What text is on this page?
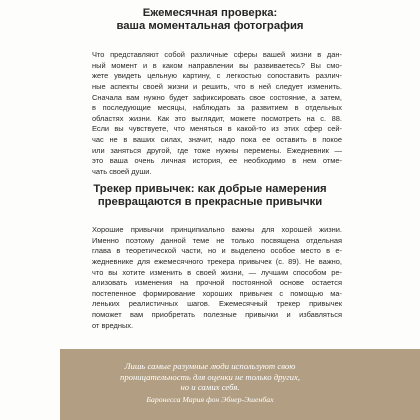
Ежемесячная проверка:
ваша моментальная фотография
Что представляют собой различные сферы вашей жизни в дан-
ный момент и в каком направлении вы развиваетесь? Вы смо-
жете увидеть цельную картину, с легкостью сопоставить различ-
ные аспекты своей жизни и решить, что в ней следует изменить.
Сначала вам нужно будет зафиксировать свое состояние, а затем,
в последующие месяцы, наблюдать за развитием в отдельных
областях жизни. Как это выглядит, можете посмотреть на с. 88.
Если вы чувствуете, что меняться в какой-то из этих сфер сей-
час не в ваших силах, значит, надо пока ее оставить в покое
или заняться другой, где тоже нужны перемены. Ежедневник —
это ваша очень личная история, ее необходимо в нем отме-
чать своей души.
Трекер привычек: как добрые намерения
превращаются в прекрасные привычки
Хорошие привычки принципиально важны для хорошей жизни.
Именно поэтому данной теме не только посвящена отдельная
глава в теоретической части, но и выделено особое место в е-
жедневнике для ежемесячного трекера привычек (с. 89). Не важно,
что вы хотите изменить в своей жизни, — лучшим способом ре-
ализовать изменения на прочной постоянной основе остается
постепенное формирование хороших привычек с помощью ма-
леньких реалистичных шагов. Ежемесячный трекер привычек
поможет вам приобретать полезные привычки и избавляться
от вредных.
Лишь самые разумные люди используют свою
проницательность для оценки не только других,
но и самих себя.
Баронесса Мария фон Эбнер-Эшенбах
